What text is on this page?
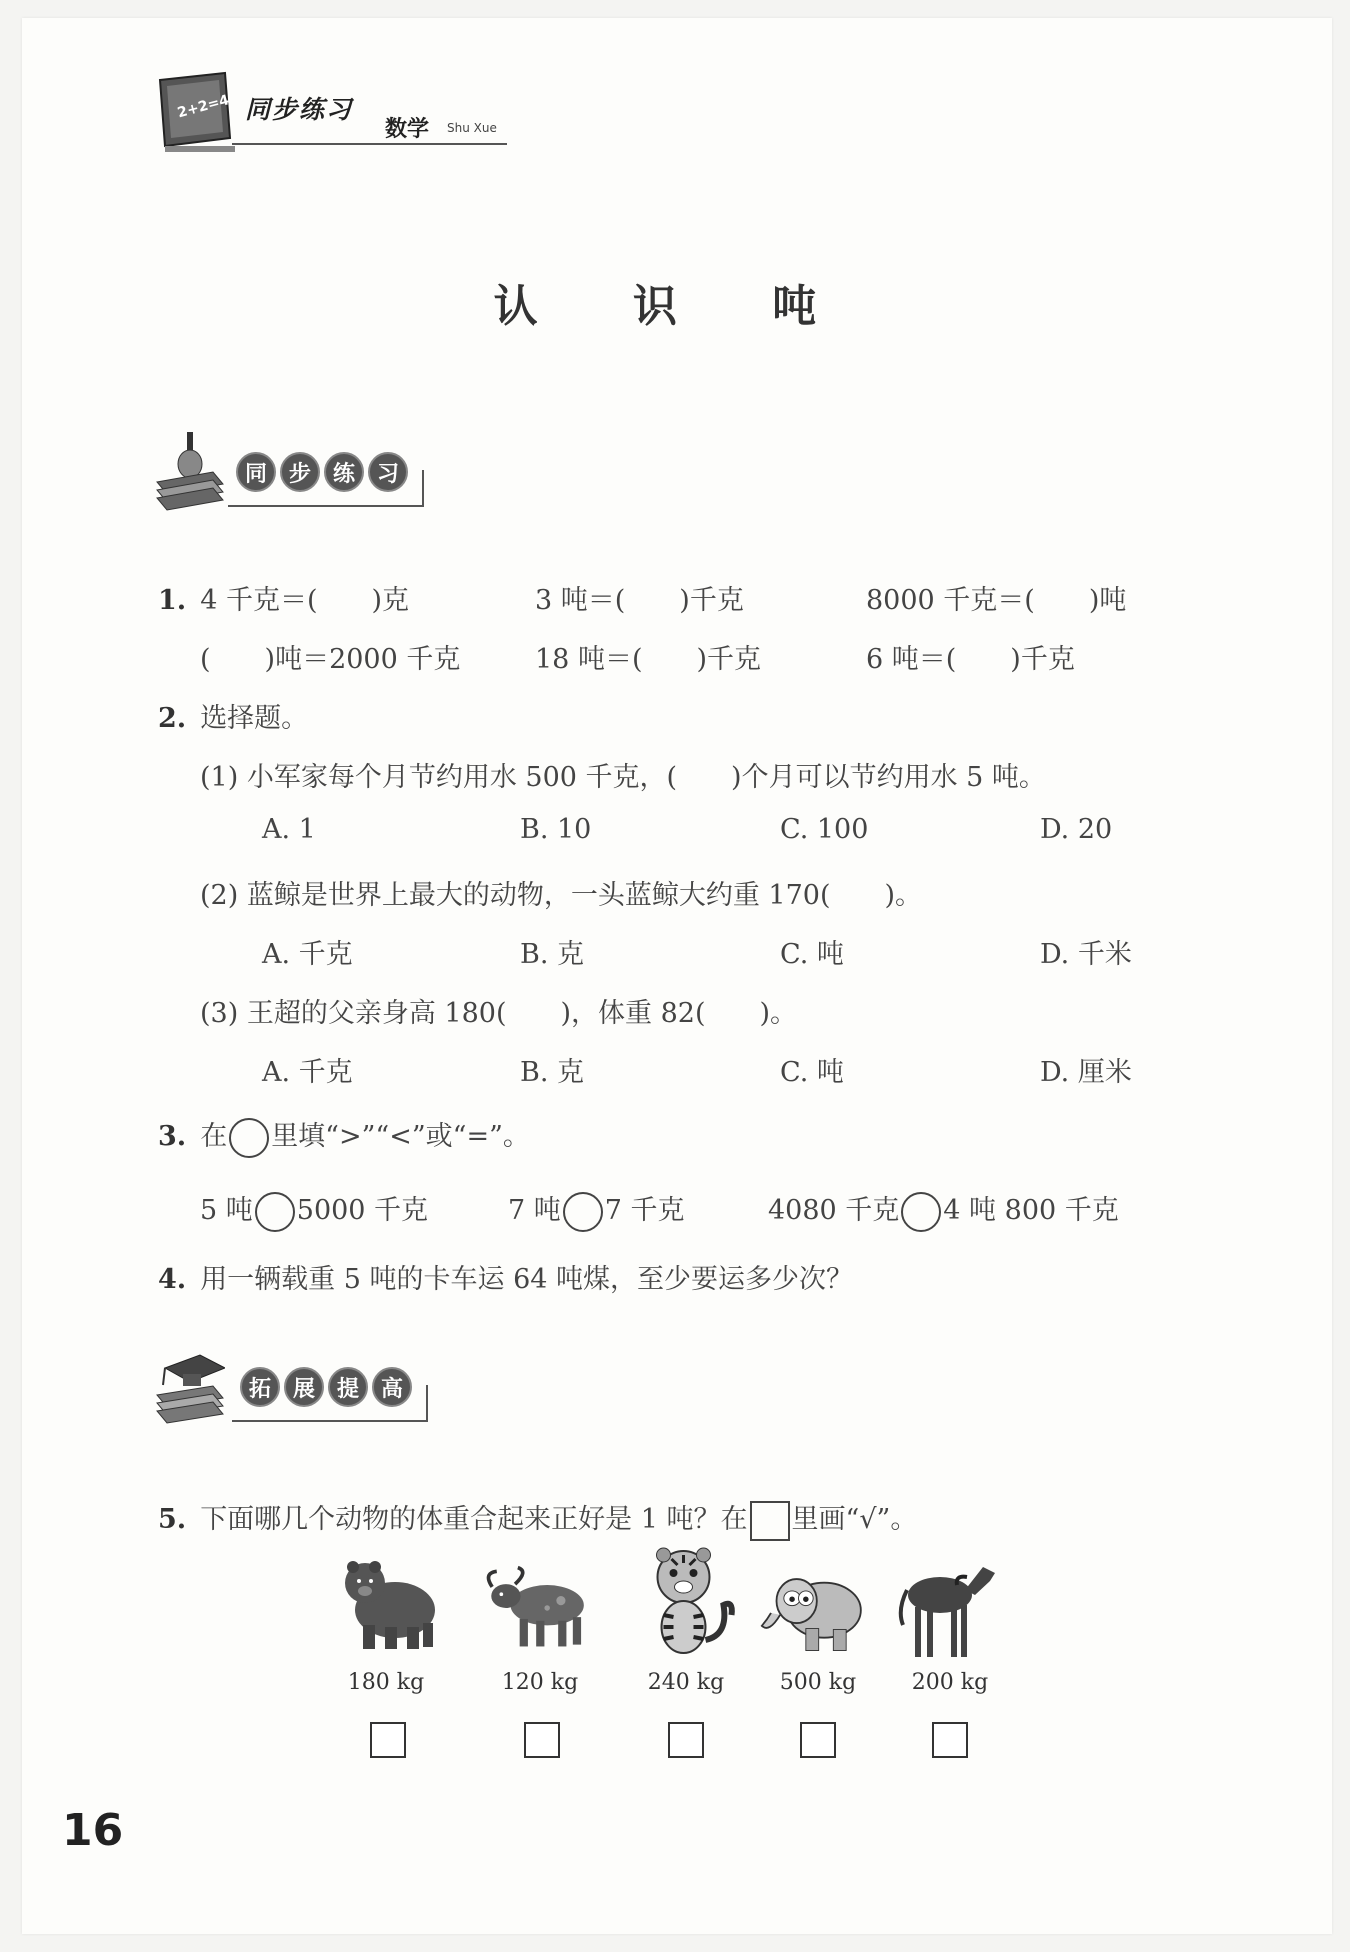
2+2=4 同步练习
数学 Shu Xue
认 识 吨
同 步 练 习
1. 4 千克＝(　　)克	3 吨＝(　　)千克	8000 千克＝(　　)吨
(　　)吨＝2000 千克	18 吨＝(　　)千克	6 吨＝(　　)千克
2. 选择题。
(1) 小军家每个月节约用水 500 千克，(　　)个月可以节约用水 5 吨。
A. 1	B. 10	C. 100	D. 20
(2) 蓝鲸是世界上最大的动物，一头蓝鲸大约重 170(　　)。
A. 千克	B. 克	C. 吨	D. 千米
(3) 王超的父亲身高 180(　　)，体重 82(　　)。
A. 千克	B. 克	C. 吨	D. 厘米
3. 在 里填“>”“<”或“=”。
5 吨 5000 千克	7 吨 7 千克	4080 千克 4 吨 800 千克
4. 用一辆载重 5 吨的卡车运 64 吨煤，至少要运多少次？
拓 展 提 高
5. 下面哪几个动物的体重合起来正好是 1 吨？在 里画“√”。
180 kg	120 kg	240 kg	500 kg	200 kg
16
